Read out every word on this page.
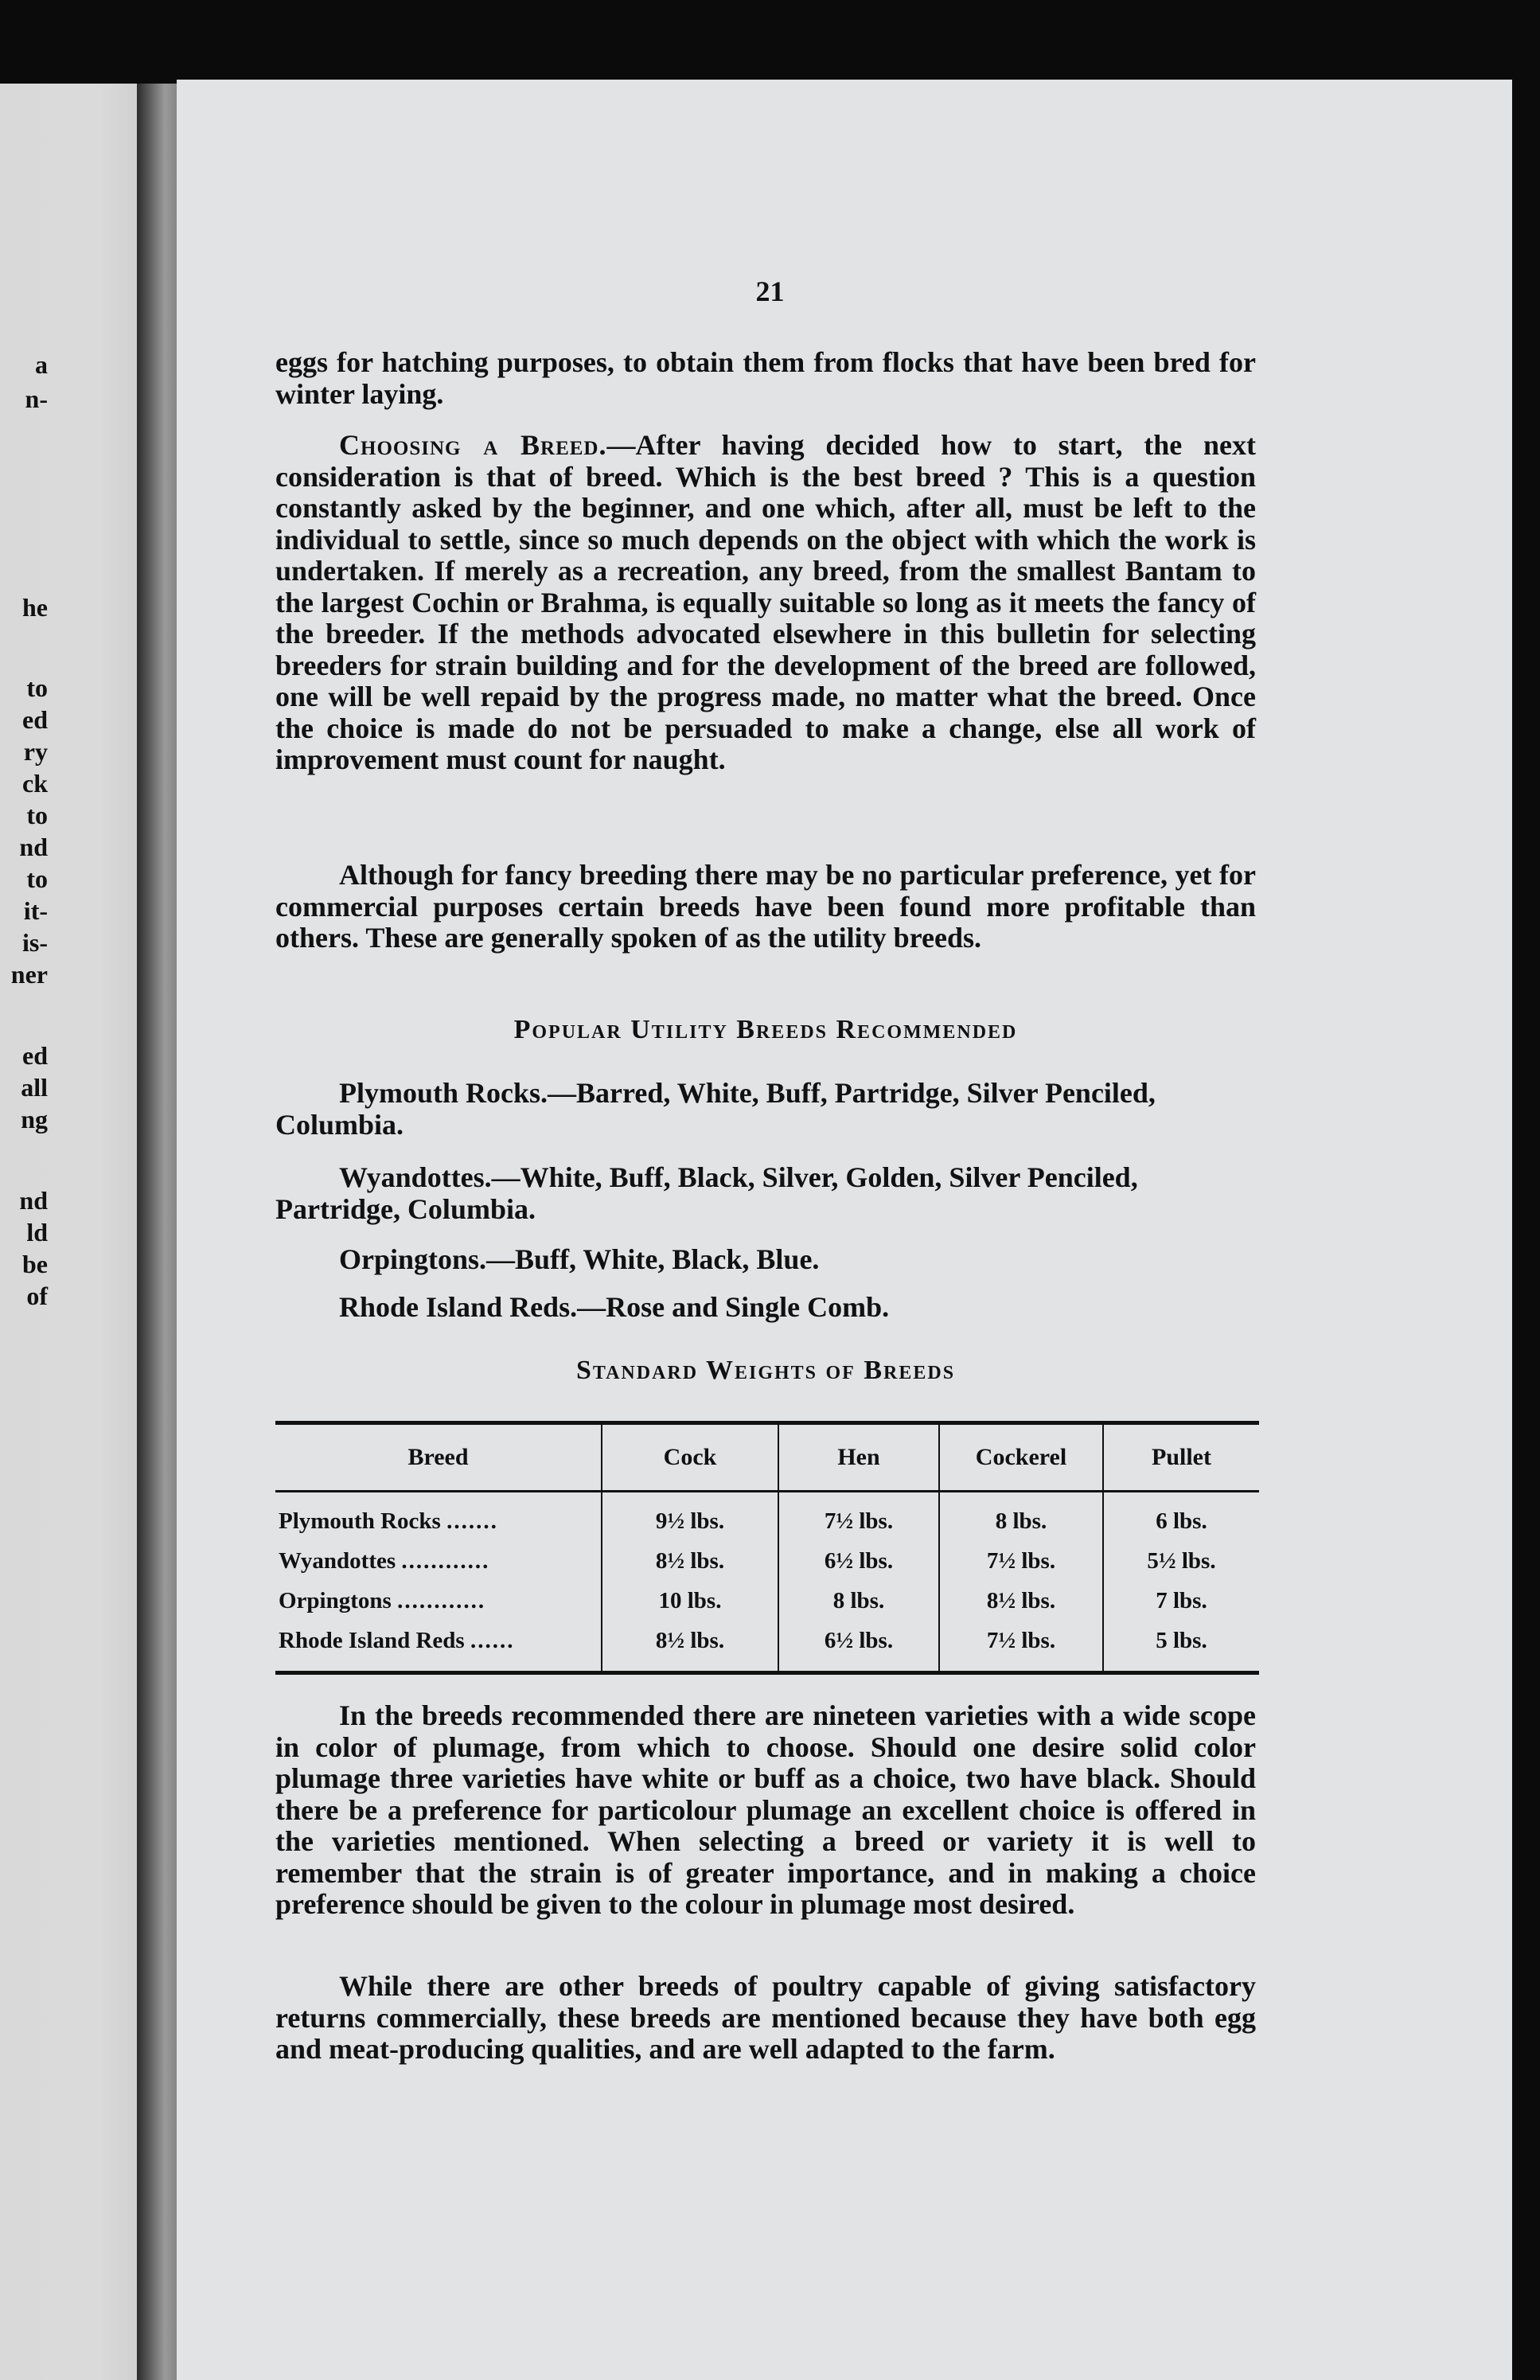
a
n-
he
to
ed
ry
ck
to
nd
to
it-
is-
ner
ed
all
ng
nd
ld
be
of
21

eggs for hatching purposes, to obtain them from flocks that have been bred for winter laying.

Choosing a Breed.—After having decided how to start, the next consideration is that of breed. Which is the best breed ? This is a question constantly asked by the beginner, and one which, after all, must be left to the individual to settle, since so much depends on the object with which the work is undertaken. If merely as a recreation, any breed, from the smallest Bantam to the largest Cochin or Brahma, is equally suitable so long as it meets the fancy of the breeder. If the methods advocated elsewhere in this bulletin for selecting breeders for strain building and for the development of the breed are followed, one will be well repaid by the progress made, no matter what the breed. Once the choice is made do not be persuaded to make a change, else all work of improvement must count for naught.

Although for fancy breeding there may be no particular preference, yet for commercial purposes certain breeds have been found more profitable than others. These are generally spoken of as the utility breeds.

Popular Utility Breeds Recommended

Plymouth Rocks.—Barred, White, Buff, Partridge, Silver Penciled, Columbia.

Wyandottes.—White, Buff, Black, Silver, Golden, Silver Penciled, Partridge, Columbia.

Orpingtons.—Buff, White, Black, Blue.

Rhode Island Reds.—Rose and Single Comb.

Standard Weights of Breeds
Breed	Cock	Hen	Cockerel	Pullet
Plymouth Rocks .......	9½ lbs.	7½ lbs.	8 lbs.	6 lbs.
Wyandottes ............	8½ lbs.	6½ lbs.	7½ lbs.	5½ lbs.
Orpingtons ............	10 lbs.	8 lbs.	8½ lbs.	7 lbs.
Rhode Island Reds ......	8½ lbs.	6½ lbs.	7½ lbs.	5 lbs.

In the breeds recommended there are nineteen varieties with a wide scope in color of plumage, from which to choose. Should one desire solid color plumage three varieties have white or buff as a choice, two have black. Should there be a preference for particolour plumage an excellent choice is offered in the varieties mentioned. When selecting a breed or variety it is well to remember that the strain is of greater importance, and in making a choice preference should be given to the colour in plumage most desired.

While there are other breeds of poultry capable of giving satisfactory returns commercially, these breeds are mentioned because they have both egg and meat-producing qualities, and are well adapted to the farm.
